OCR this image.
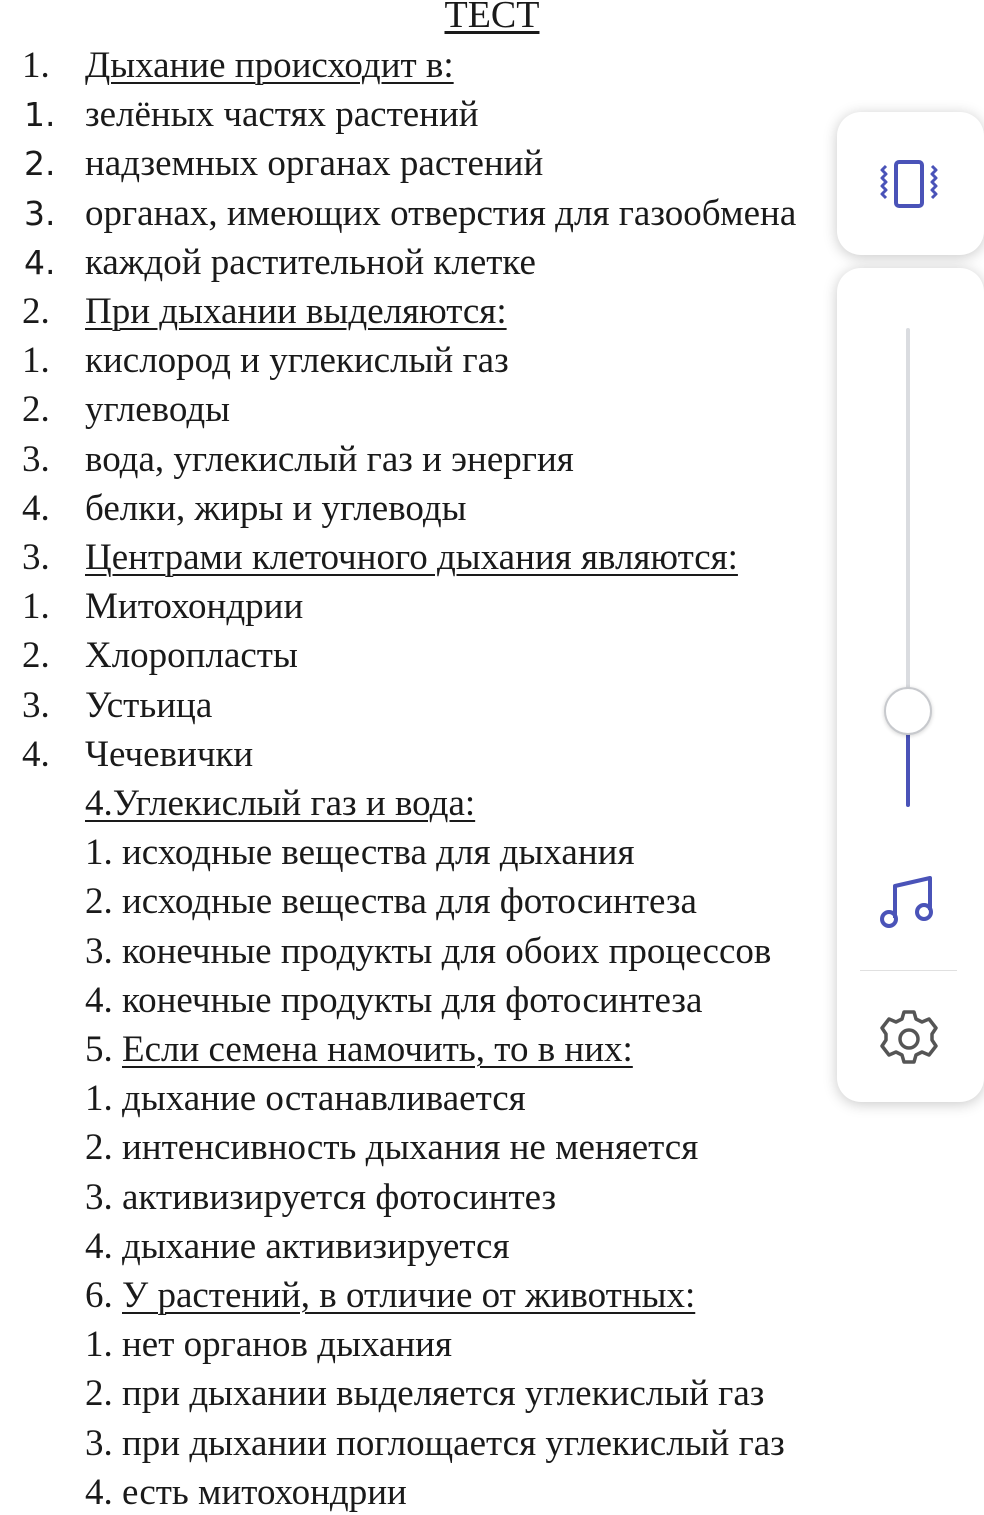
ТЕСТ
1. Дыхание происходит в:
1. зелёных частях растений
2. надземных органах растений
3. органах, имеющих отверстия для газообмена
4. каждой растительной клетке
2. При дыхании выделяются:
1. кислород и углекислый газ
2. углеводы
3. вода, углекислый газ и энергия
4. белки, жиры и углеводы
3. Центрами клеточного дыхания являются:
1. Митохондрии
2. Хлоропласты
3. Устьица
4. Чечевички
4.Углекислый газ и вода:
1. исходные вещества для дыхания
2. исходные вещества для фотосинтеза
3. конечные продукты для обоих процессов
4. конечные продукты для фотосинтеза
5. Если семена намочить, то в них:
1. дыхание останавливается
2. интенсивность дыхания не меняется
3. активизируется фотосинтез
4. дыхание активизируется
6. У растений, в отличие от животных:
1. нет органов дыхания
2. при дыхании выделяется углекислый газ
3. при дыхании поглощается углекислый газ
4. есть митохондрии
